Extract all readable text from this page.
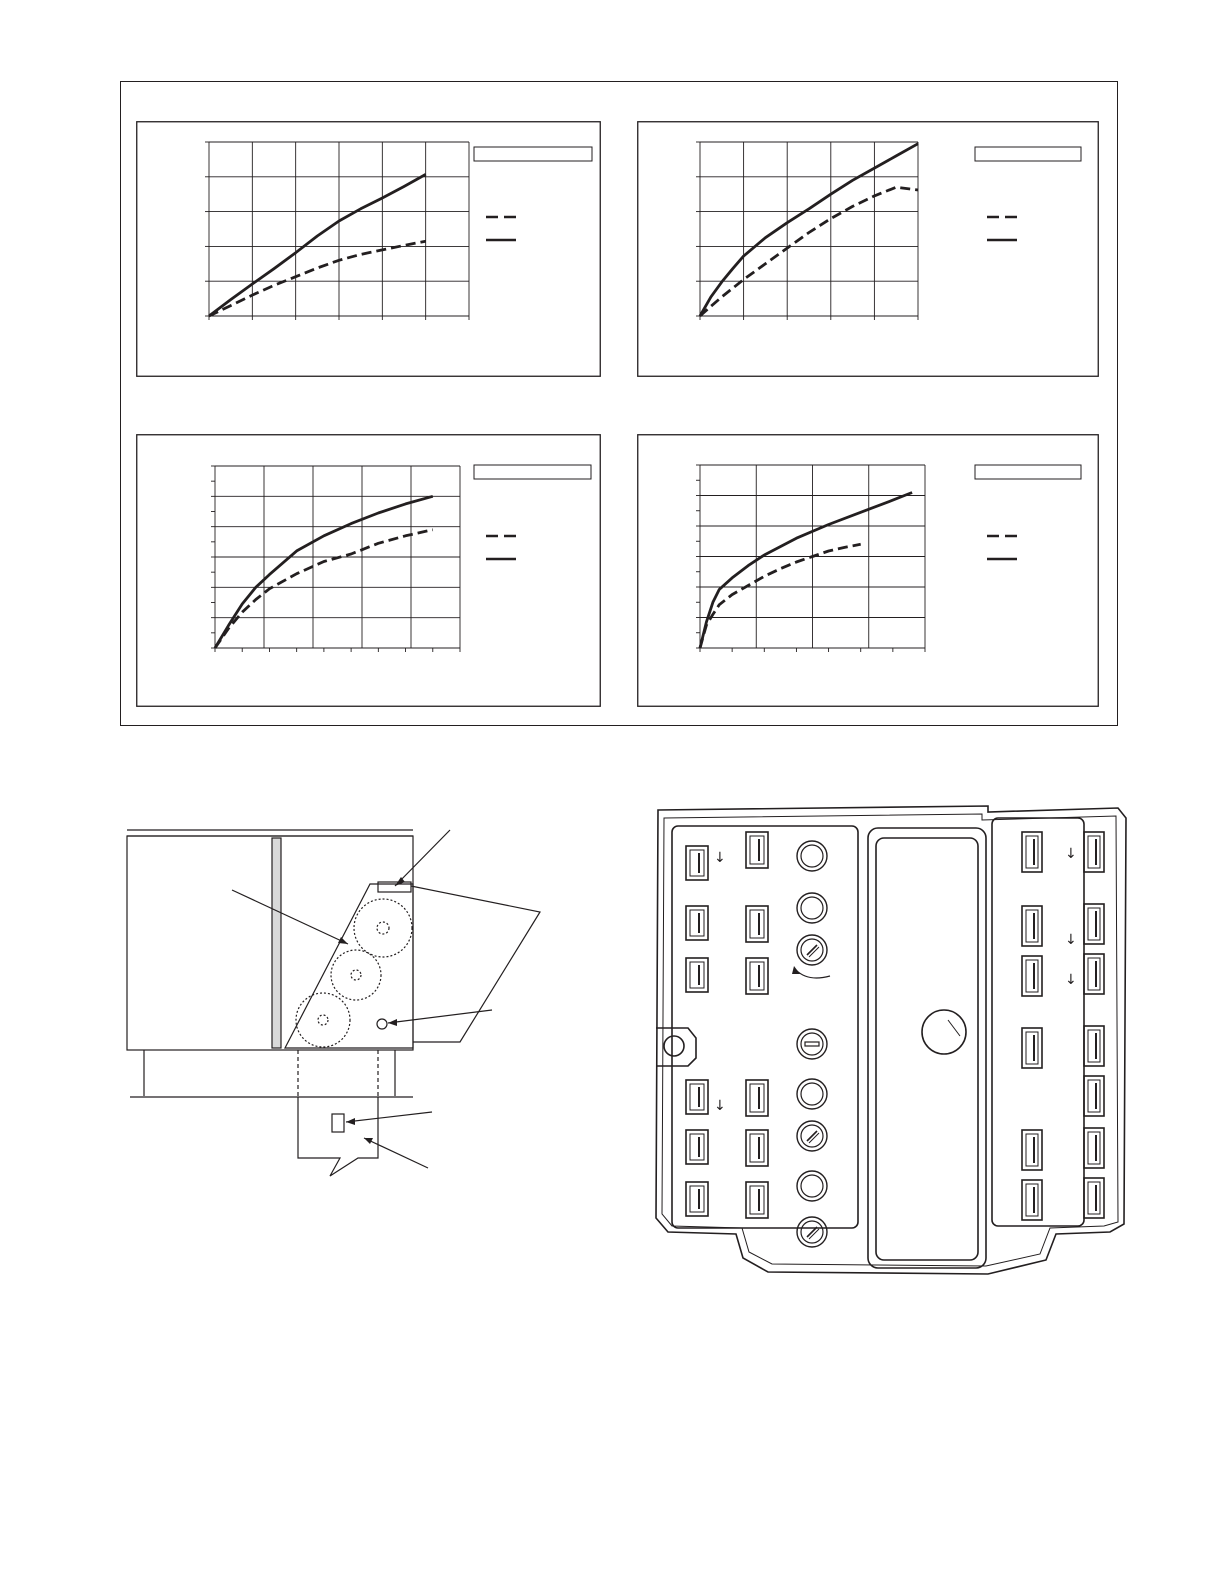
↓
↓
↓
↓
↓
